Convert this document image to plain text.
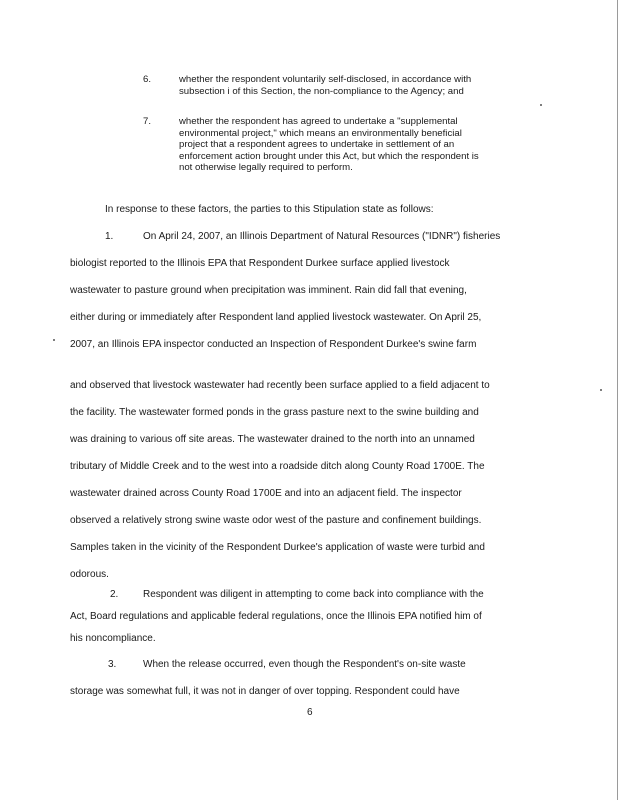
6.	whether the respondent voluntarily self-disclosed, in accordance with
subsection i of this Section, the non-compliance to the Agency; and
7.	whether the respondent has agreed to undertake a "supplemental
environmental project," which means an environmentally beneficial
project that a respondent agrees to undertake in settlement of an
enforcement action brought under this Act, but which the respondent is
not otherwise legally required to perform.
In response to these factors, the parties to this Stipulation state as follows:
1.	On April 24, 2007, an Illinois Department of Natural Resources ("IDNR") fisheries
biologist reported to the Illinois EPA that Respondent Durkee surface applied livestock
wastewater to pasture ground when precipitation was imminent. Rain did fall that evening,
either during or immediately after Respondent land applied livestock wastewater. On April 25,
2007, an Illinois EPA inspector conducted an Inspection of Respondent Durkee's swine farm
and observed that livestock wastewater had recently been surface applied to a field adjacent to
the facility. The wastewater formed ponds in the grass pasture next to the swine building and
was draining to various off site areas. The wastewater drained to the north into an unnamed
tributary of Middle Creek and to the west into a roadside ditch along County Road 1700E. The
wastewater drained across County Road 1700E and into an adjacent field. The inspector
observed a relatively strong swine waste odor west of the pasture and confinement buildings.
Samples taken in the vicinity of the Respondent Durkee's application of waste were turbid and
odorous.
2. Respondent was diligent in attempting to come back into compliance with the
Act, Board regulations and applicable federal regulations, once the Illinois EPA notified him of
his noncompliance.
3.	When the release occurred, even though the Respondent's on-site waste
storage was somewhat full, it was not in danger of over topping. Respondent could have
6
